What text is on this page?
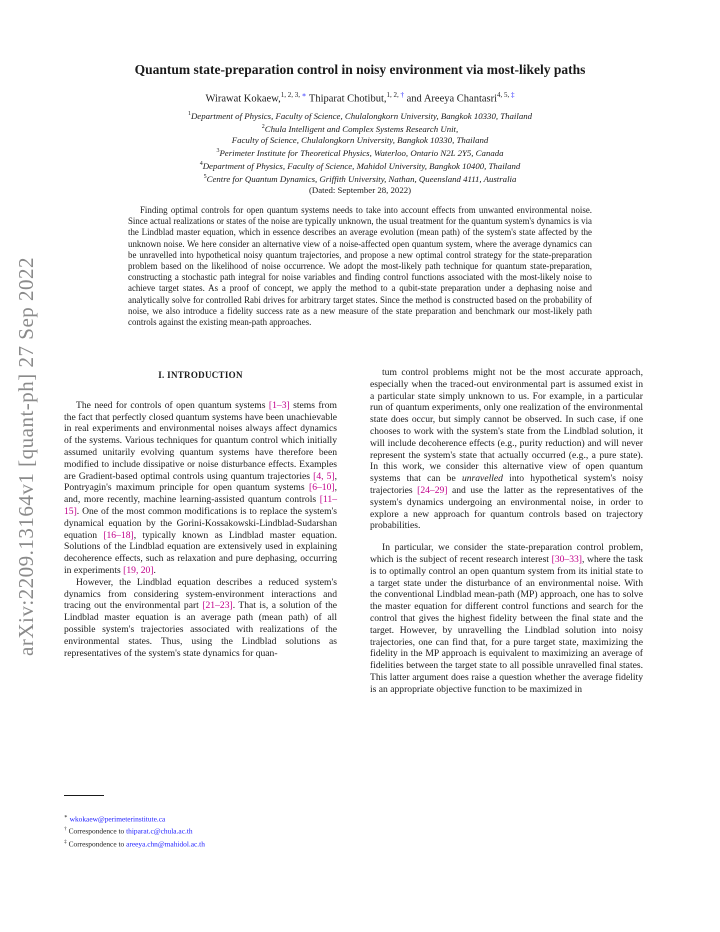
arXiv:2209.13164v1 [quant-ph] 27 Sep 2022
Quantum state-preparation control in noisy environment via most-likely paths
Wirawat Kokaew,$^{1, 2, 3, ∗}$ Thiparat Chotibut,$^{1, 2, \dagger}$ and Areeya Chantasri$^{4, 5, \ddagger}$
$^1$Department of Physics, Faculty of Science, Chulalongkorn University, Bangkok 10330, Thailand
$^2$Chula Intelligent and Complex Systems Research Unit,
Faculty of Science, Chulalongkorn University, Bangkok 10330, Thailand
$^3$Perimeter Institute for Theoretical Physics, Waterloo, Ontario N2L 2Y5, Canada
$^4$Department of Physics, Faculty of Science, Mahidol University, Bangkok 10400, Thailand
$^5$Centre for Quantum Dynamics, Griffith University, Nathan, Queensland 4111, Australia
(Dated: September 28, 2022)
Finding optimal controls for open quantum systems needs to take into account effects from unwanted environmental noise. Since actual realizations or states of the noise are typically unknown, the usual treatment for the quantum system's dynamics is via the Lindblad master equation, which in essence describes an average evolution (mean path) of the system's state affected by the unknown noise. We here consider an alternative view of a noise-affected open quantum system, where the average dynamics can be unravelled into hypothetical noisy quantum trajectories, and propose a new optimal control strategy for the state-preparation problem based on the likelihood of noise occurrence. We adopt the most-likely path technique for quantum state-preparation, constructing a stochastic path integral for noise variables and finding control functions associated with the most-likely noise to achieve target states. As a proof of concept, we apply the method to a qubit-state preparation under a dephasing noise and analytically solve for controlled Rabi drives for arbitrary target states. Since the method is constructed based on the probability of noise, we also introduce a fidelity success rate as a new measure of the state preparation and benchmark our most-likely path controls against the existing mean-path approaches.
I. INTRODUCTION

The need for controls of open quantum systems [1–3] stems from the fact that perfectly closed quantum systems have been unachievable in real experiments and environmental noises always affect dynamics of the systems. Various techniques for quantum control which initially assumed unitarily evolving quantum systems have therefore been modified to include dissipative or noise disturbance effects. Examples are Gradient-based optimal controls using quantum trajectories [4, 5], Pontryagin's maximum principle for open quantum systems [6–10], and, more recently, machine learning-assisted quantum controls [11–15]. One of the most common modifications is to replace the system's dynamical equation by the Gorini-Kossakowski-Lindblad-Sudarshan equation [16–18], typically known as Lindblad master equation. Solutions of the Lindblad equation are extensively used in explaining decoherence effects, such as relaxation and pure dephasing, occurring in experiments [19, 20].

However, the Lindblad equation describes a reduced system's dynamics from considering system-environment interactions and tracing out the environmental part [21–23]. That is, a solution of the Lindblad master equation is an average path (mean path) of all possible system's trajectories associated with realizations of the environmental states. Thus, using the Lindblad solutions as representatives of the system's state dynamics for quan-

tum control problems might not be the most accurate approach, especially when the traced-out environmental part is assumed exist in a particular state simply unknown to us. For example, in a particular run of quantum experiments, only one realization of the environmental state does occur, but simply cannot be observed. In such case, if one chooses to work with the system's state from the Lindblad solution, it will include decoherence effects (e.g., purity reduction) and will never represent the system's state that actually occurred (e.g., a pure state). In this work, we consider this alternative view of open quantum systems that can be unravelled into hypothetical system's noisy trajectories [24–29] and use the latter as the representatives of the system's dynamics undergoing an environmental noise, in order to explore a new approach for quantum controls based on trajectory probabilities.

In particular, we consider the state-preparation control problem, which is the subject of recent research interest [30–33], where the task is to optimally control an open quantum system from its initial state to a target state under the disturbance of an environmental noise. With the conventional Lindblad mean-path (MP) approach, one has to solve the master equation for different control functions and search for the control that gives the highest fidelity between the final state and the target. However, by unravelling the Lindblad solution into noisy trajectories, one can find that, for a pure target state, maximizing the fidelity in the MP approach is equivalent to maximizing an average of fidelities between the target state to all possible unravelled final states. This latter argument does raise a question whether the average fidelity is an appropriate objective function to be maximized in

∗ wkokaew@perimeterinstitute.ca
† Correspondence to thiparat.c@chula.ac.th
‡ Correspondence to areeya.chn@mahidol.ac.th
